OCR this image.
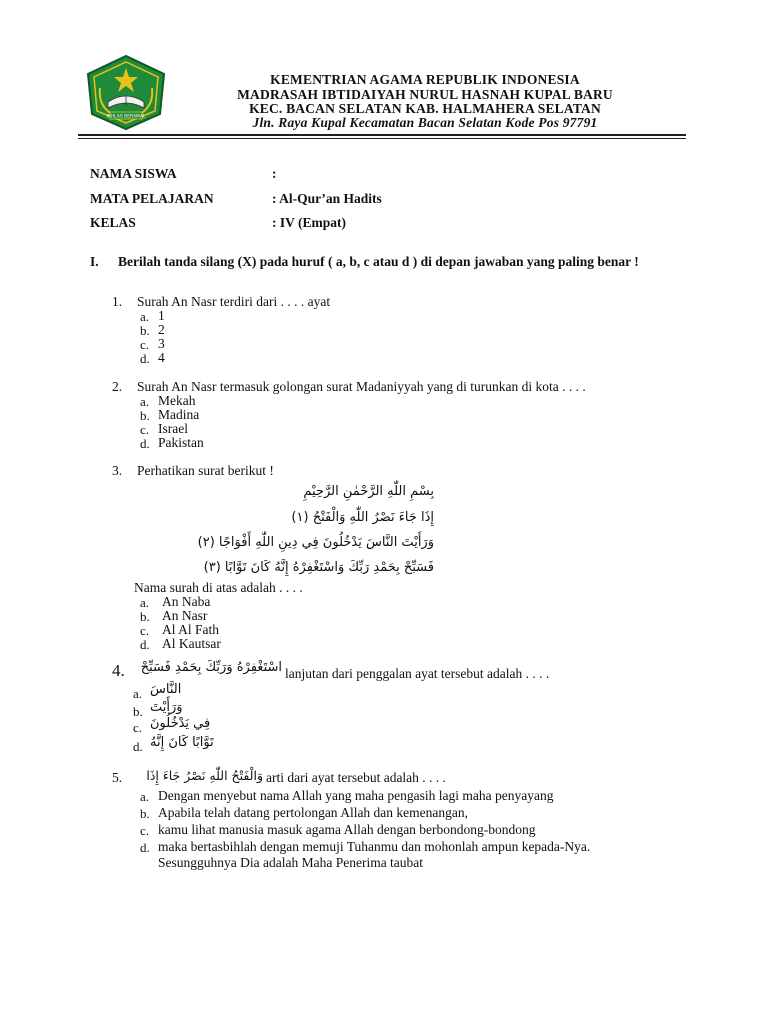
IKHLAS BERAMAL
KEMENTRIAN AGAMA REPUBLIK INDONESIA
MADRASAH IBTIDAIYAH NURUL HASNAH KUPAL BARU
KEC. BACAN SELATAN KAB. HALMAHERA SELATAN
Jln. Raya Kupal Kecamatan Bacan Selatan Kode Pos 97791
NAMA SISWA	:
MATA PELAJARAN	: Al-Qur’an Hadits
KELAS	: IV (Empat)
I. Berilah tanda silang (X) pada huruf ( a, b, c atau d ) di depan jawaban yang paling benar !
1. Surah An Nasr terdiri dari . . . . ayat
a. 1
b. 2
c. 3
d. 4
2. Surah An Nasr termasuk golongan surat Madaniyyah yang di turunkan di kota . . . .
a. Mekah
b. Madina
c. Israel
d. Pakistan
3. Perhatikan surat berikut !
بِسْمِ اللّٰهِ الرَّحْمٰنِ الرَّحِيْمِ
إِذَا جَاءَ نَصْرُ اللّٰهِ وَالْفَتْحُ (١)
وَرَأَيْتَ النَّاسَ يَدْخُلُونَ فِي دِينِ اللّٰهِ أَفْوَاجًا (٢)
فَسَبِّحْ بِحَمْدِ رَبِّكَ وَاسْتَغْفِرْهُ إِنَّهُ كَانَ تَوَّابًا (٣)
Nama surah di atas adalah . . . .
a. An Naba
b. An Nasr
c. Al Al Fath
d. Al Kautsar
4.	اسْتَغْفِرْهُ وَرَبِّكَ بِحَمْدِ فَسَبِّحْ lanjutan dari penggalan ayat tersebut adalah . . . .
a. النَّاسَ
b. وَرَأَيْتَ
c. فِي يَدْخُلُونَ
d. تَوَّابًا كَانَ إِنَّهُ
5.	وَالْفَتْحُ اللّٰهِ نَصْرُ جَاءَ إِذَا arti dari ayat tersebut adalah . . . .
a. Dengan menyebut nama Allah yang maha pengasih lagi maha penyayang
b. Apabila telah datang pertolongan Allah dan kemenangan,
c. kamu lihat manusia masuk agama Allah dengan berbondong-bondong
d. maka bertasbihlah dengan memuji Tuhanmu dan mohonlah ampun kepada-Nya.
Sesungguhnya Dia adalah Maha Penerima taubat
